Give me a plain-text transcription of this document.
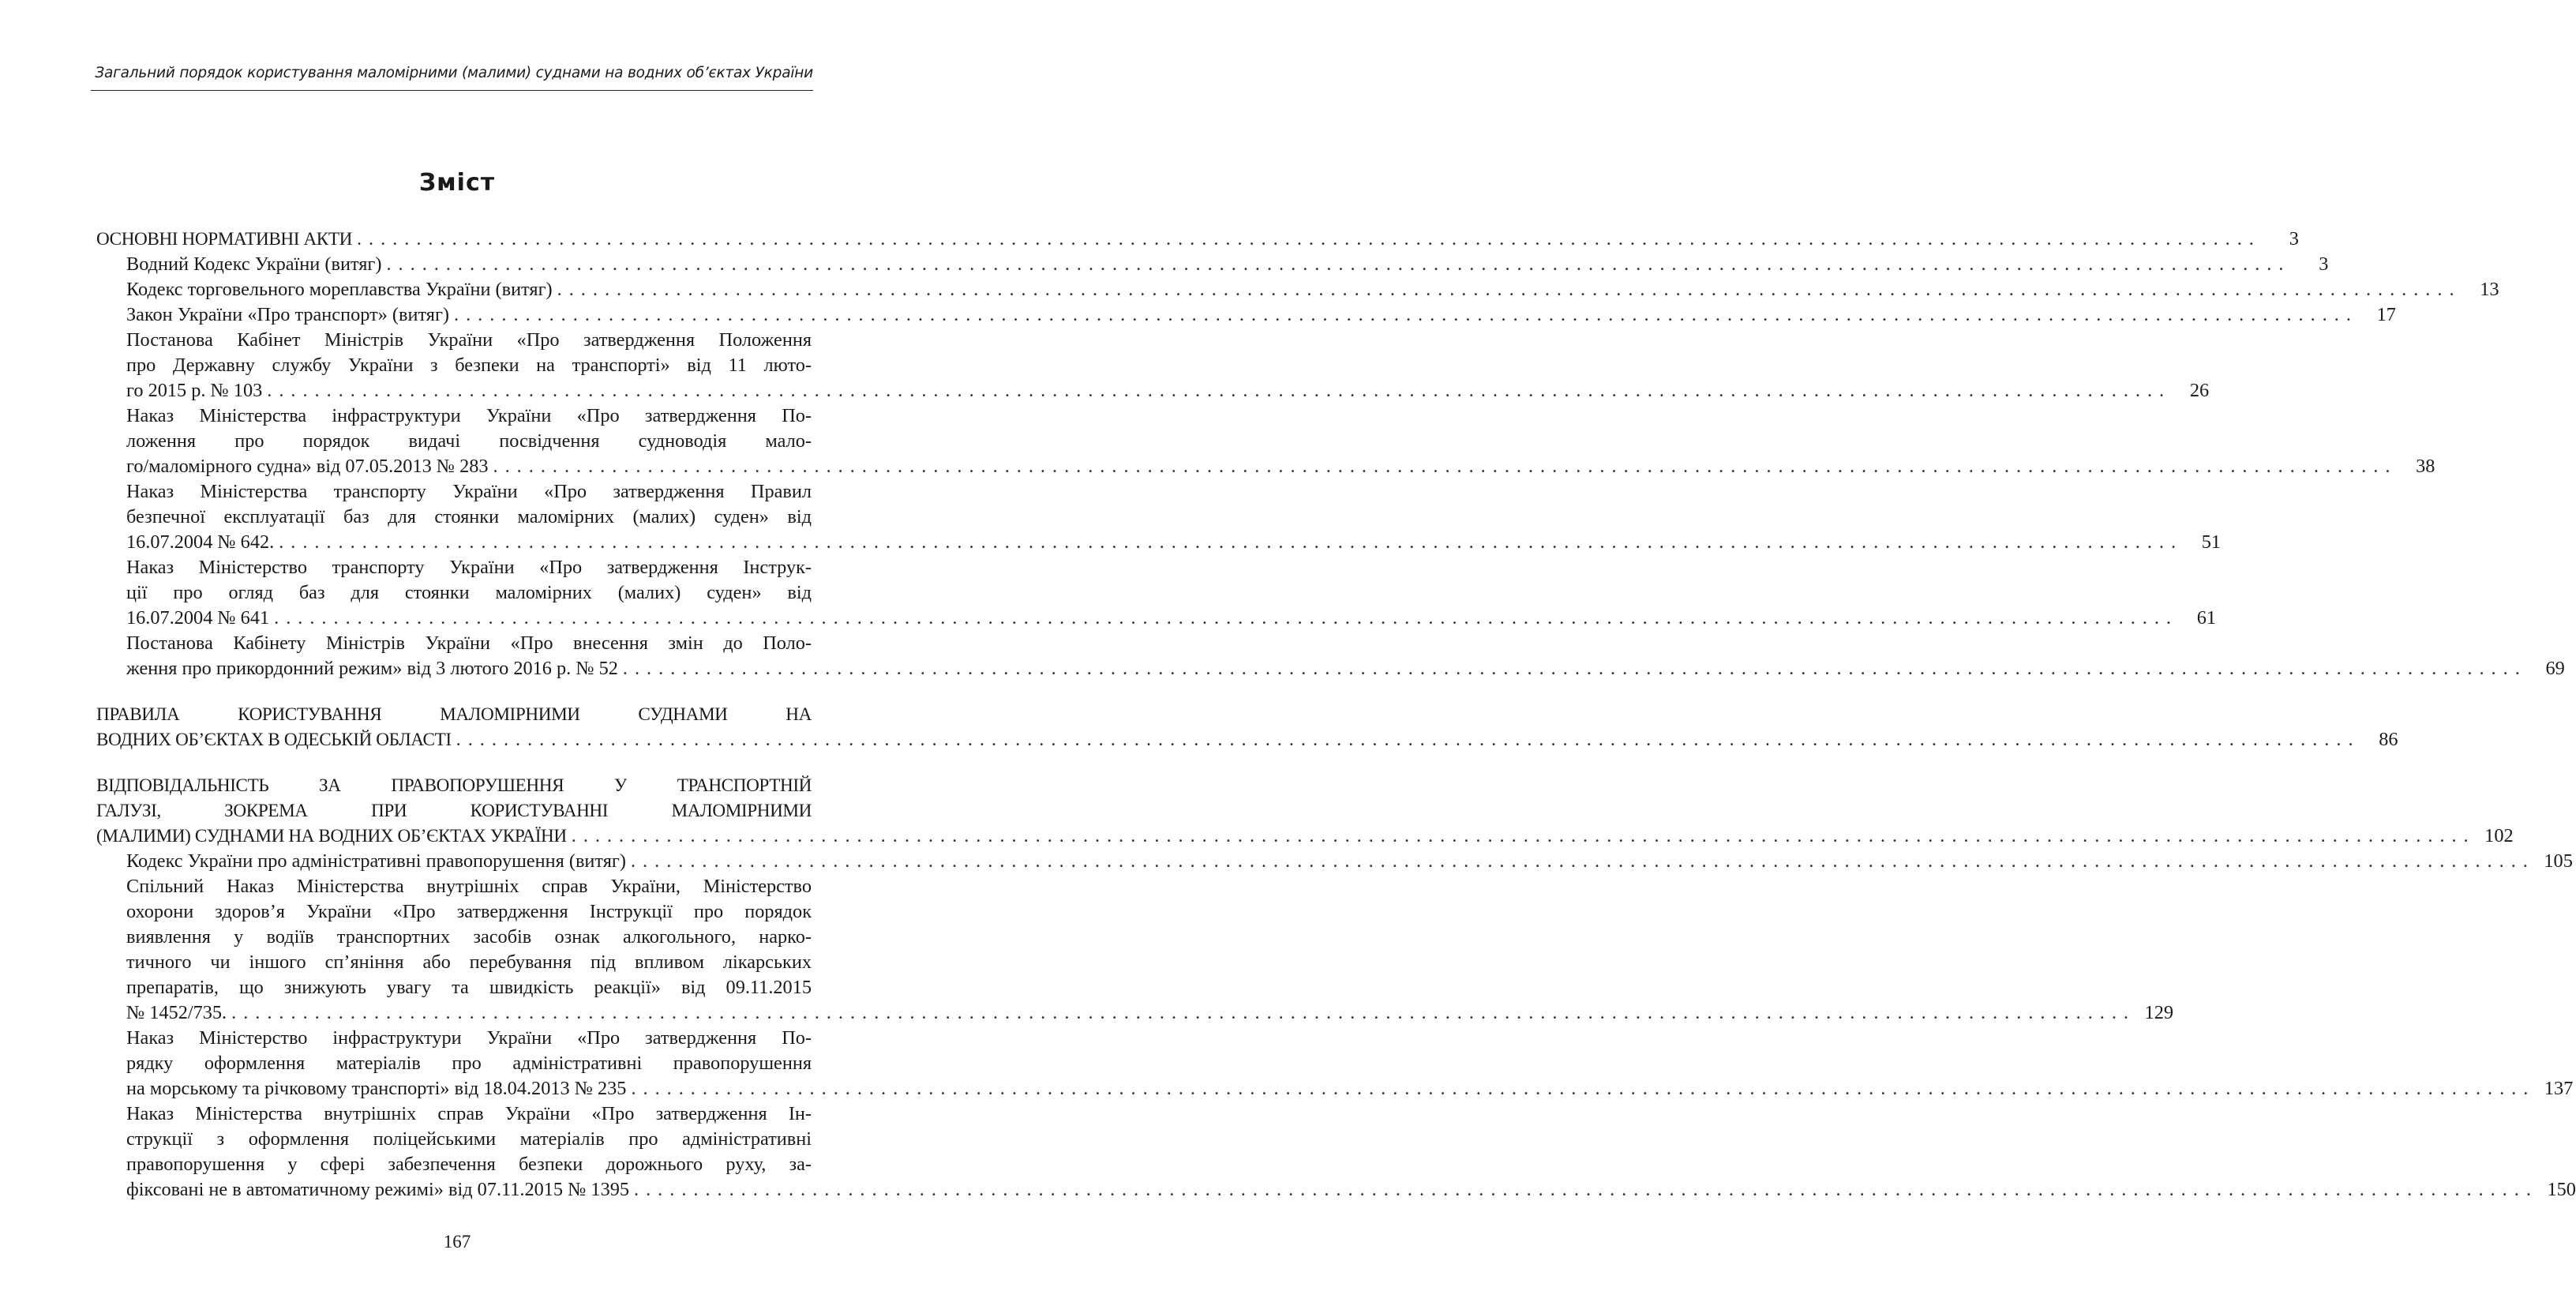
Загальний порядок користування маломірними (малими) суднами на водних об’єктах України
Зміст
ОСНОВНІ НОРМАТИВНІ АКТИ ................................................................................................................................................................	3
Водний Кодекс України (витяг) ................................................................................................................................................................	3
Кодекс торговельного мореплавства України (витяг) ................................................................................................................................................................ 13
Закон України «Про транспорт» (витяг) ................................................................................................................................................................ 17
Постанова Кабінет Міністрів України «Про затвердження Положення
про Державну службу України з безпеки на транспорті» від 11 люто-
го 2015 р. № 103 ................................................................................................................................................................ 26
Наказ Міністерства інфраструктури України «Про затвердження По-
ложення про порядок видачі посвідчення судноводія мало-
го/маломірного судна» від 07.05.2013 № 283 ................................................................................................................................................................ 38
Наказ Міністерства транспорту України «Про затвердження Правил
безпечної експлуатації баз для стоянки маломірних (малих) суден» від
16.07.2004 № 642. ................................................................................................................................................................ 51
Наказ Міністерство транспорту України «Про затвердження Інструк-
ції про огляд баз для стоянки маломірних (малих) суден» від
16.07.2004 № 641 ................................................................................................................................................................ 61
Постанова Кабінету Міністрів України «Про внесення змін до Поло-
ження про прикордонний режим» від 3 лютого 2016 р. № 52 ................................................................................................................................................................ 69
ПРАВИЛА КОРИСТУВАННЯ МАЛОМІРНИМИ СУДНАМИ НА
ВОДНИХ ОБ’ЄКТАХ В ОДЕСЬКІЙ ОБЛАСТІ ................................................................................................................................................................ 86
ВІДПОВІДАЛЬНІСТЬ ЗА ПРАВОПОРУШЕННЯ У ТРАНСПОРТНІЙ
ГАЛУЗІ, ЗОКРЕМА ПРИ КОРИСТУВАННІ МАЛОМІРНИМИ
(МАЛИМИ) СУДНАМИ НА ВОДНИХ ОБ’ЄКТАХ УКРАЇНИ ................................................................................................................................................................ 102
Кодекс України про адміністративні правопорушення (витяг) ................................................................................................................................................................ 105
Спільний Наказ Міністерства внутрішніх справ України, Міністерство
охорони здоров’я України «Про затвердження Інструкції про порядок
виявлення у водіїв транспортних засобів ознак алкогольного, нарко-
тичного чи іншого сп’яніння або перебування під впливом лікарських
препаратів, що знижують увагу та швидкість реакції» від 09.11.2015
№ 1452/735. ................................................................................................................................................................ 129
Наказ Міністерство інфраструктури України «Про затвердження По-
рядку оформлення матеріалів про адміністративні правопорушення
на морському та річковому транспорті» від 18.04.2013 № 235 ................................................................................................................................................................ 137
Наказ Міністерства внутрішніх справ України «Про затвердження Ін-
струкції з оформлення поліцейськими матеріалів про адміністративні
правопорушення у сфері забезпечення безпеки дорожнього руху, за-
фіксовані не в автоматичному режимі» від 07.11.2015 № 1395 ................................................................................................................................................................ 150
167
